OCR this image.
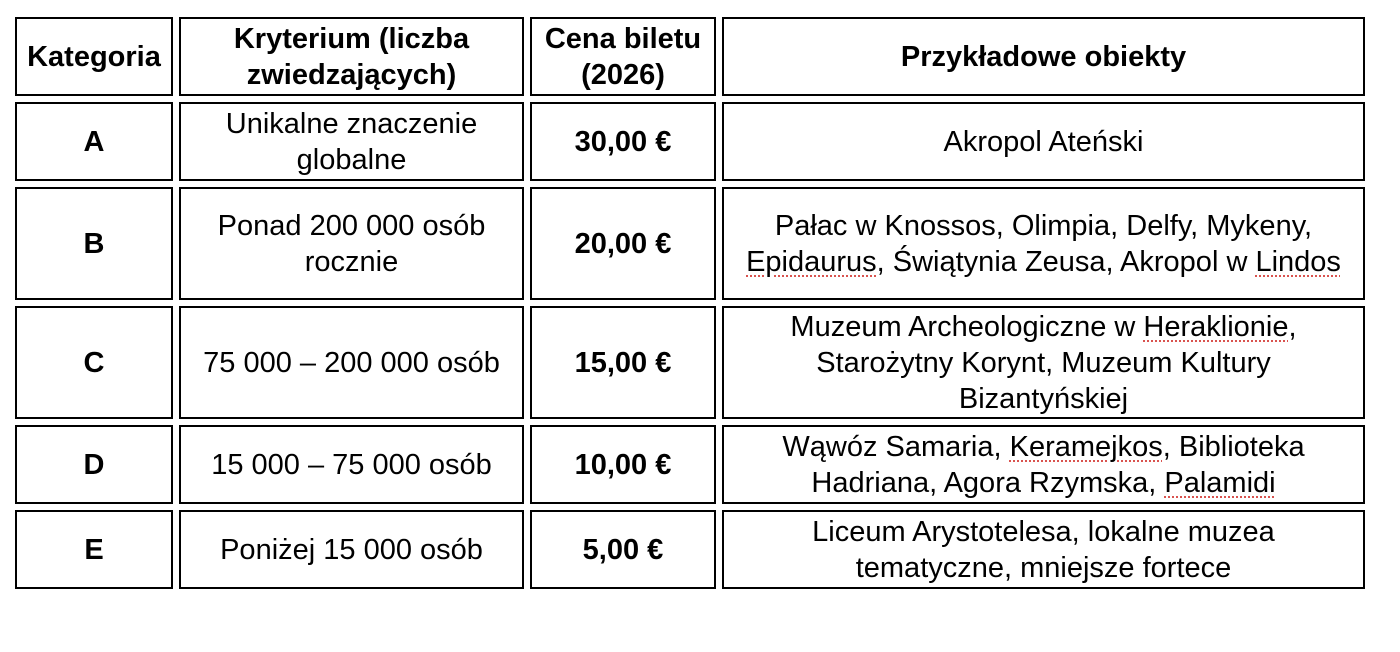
Kategoria	Kryterium (liczba zwiedzających)	Cena biletu (2026)	Przykładowe obiekty
A	Unikalne znaczenie globalne	30,00 €	Akropol Ateński
B	Ponad 200 000 osób rocznie	20,00 €	Pałac w Knossos, Olimpia, Delfy, Mykeny, Epidaurus, Świątynia Zeusa, Akropol w Lindos
C	75 000 – 200 000 osób	15,00 €	Muzeum Archeologiczne w Heraklionie, Starożytny Korynt, Muzeum Kultury Bizantyńskiej
D	15 000 – 75 000 osób	10,00 €	Wąwóz Samaria, Keramejkos, Biblioteka Hadriana, Agora Rzymska, Palamidi
E	Poniżej 15 000 osób	5,00 €	Liceum Arystotelesa, lokalne muzea tematyczne, mniejsze fortece
